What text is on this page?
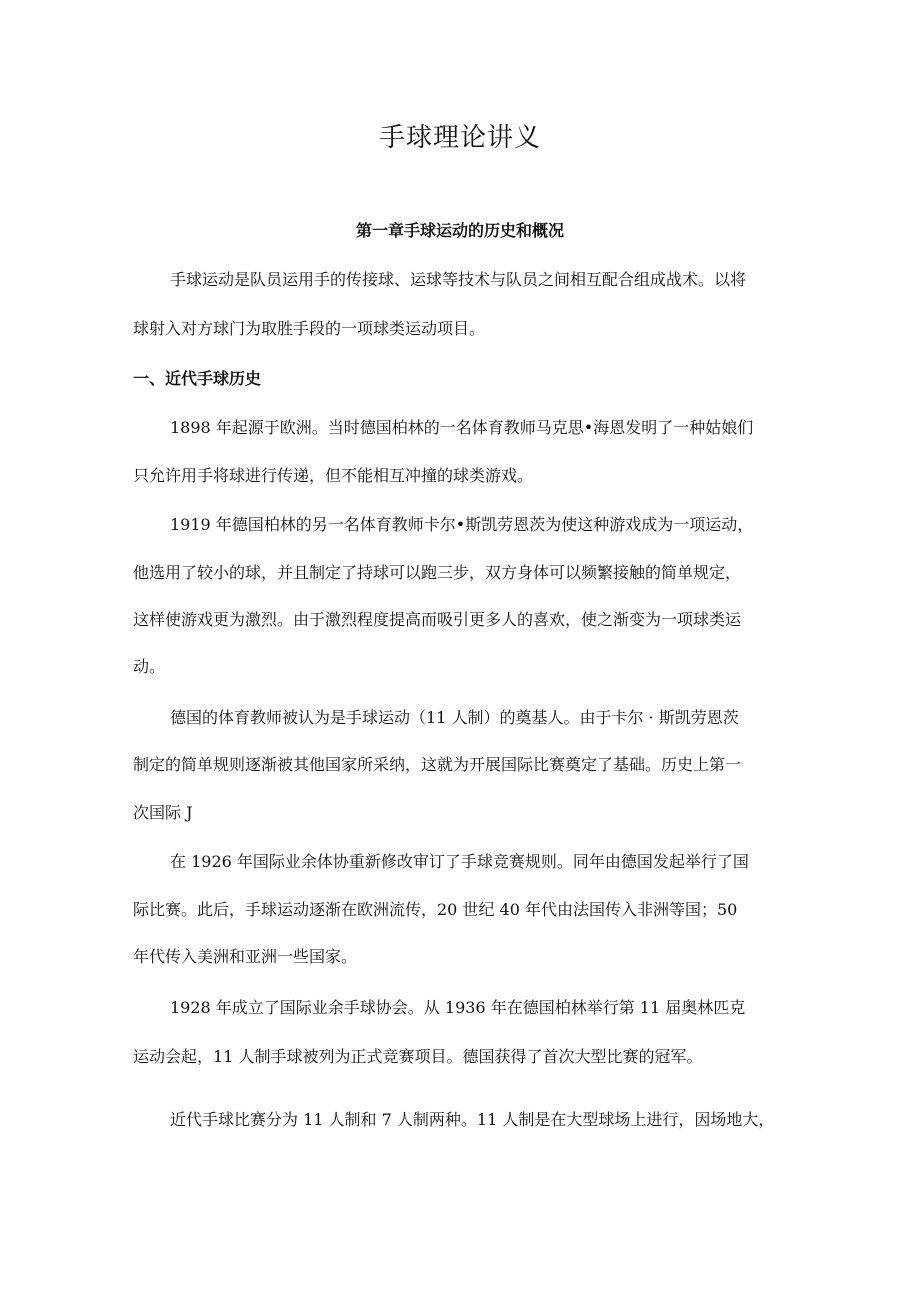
手球理论讲义
第一章手球运动的历史和概况
手球运动是队员运用手的传接球、运球等技术与队员之间相互配合组成战术。以将
球射入对方球门为取胜手段的一项球类运动项目。
一、近代手球历史
1898 年起源于欧洲。当时德国柏林的一名体育教师马克思•海恩发明了一种姑娘们
只允许用手将球进行传递，但不能相互冲撞的球类游戏。
1919 年德国柏林的另一名体育教师卡尔•斯凯劳恩茨为使这种游戏成为一项运动，
他选用了较小的球，并且制定了持球可以跑三步，双方身体可以频繁接触的简单规定，
这样使游戏更为激烈。由于激烈程度提高而吸引更多人的喜欢，使之渐变为一项球类运
动。
德国的体育教师被认为是手球运动（11 人制）的奠基人。由于卡尔 · 斯凯劳恩茨
制定的简单规则逐渐被其他国家所采纳，这就为开展国际比赛奠定了基础。历史上第一
次国际 J
在 1926 年国际业余体协重新修改审订了手球竞赛规则。同年由德国发起举行了国
际比赛。此后，手球运动逐渐在欧洲流传，20 世纪 40 年代由法国传入非洲等国；50
年代传入美洲和亚洲一些国家。
1928 年成立了国际业余手球协会。从 1936 年在德国柏林举行第 11 届奥林匹克
运动会起，11 人制手球被列为正式竞赛项目。德国获得了首次大型比赛的冠军。
近代手球比赛分为 11 人制和 7 人制两种。11 人制是在大型球场上进行，因场地大，
